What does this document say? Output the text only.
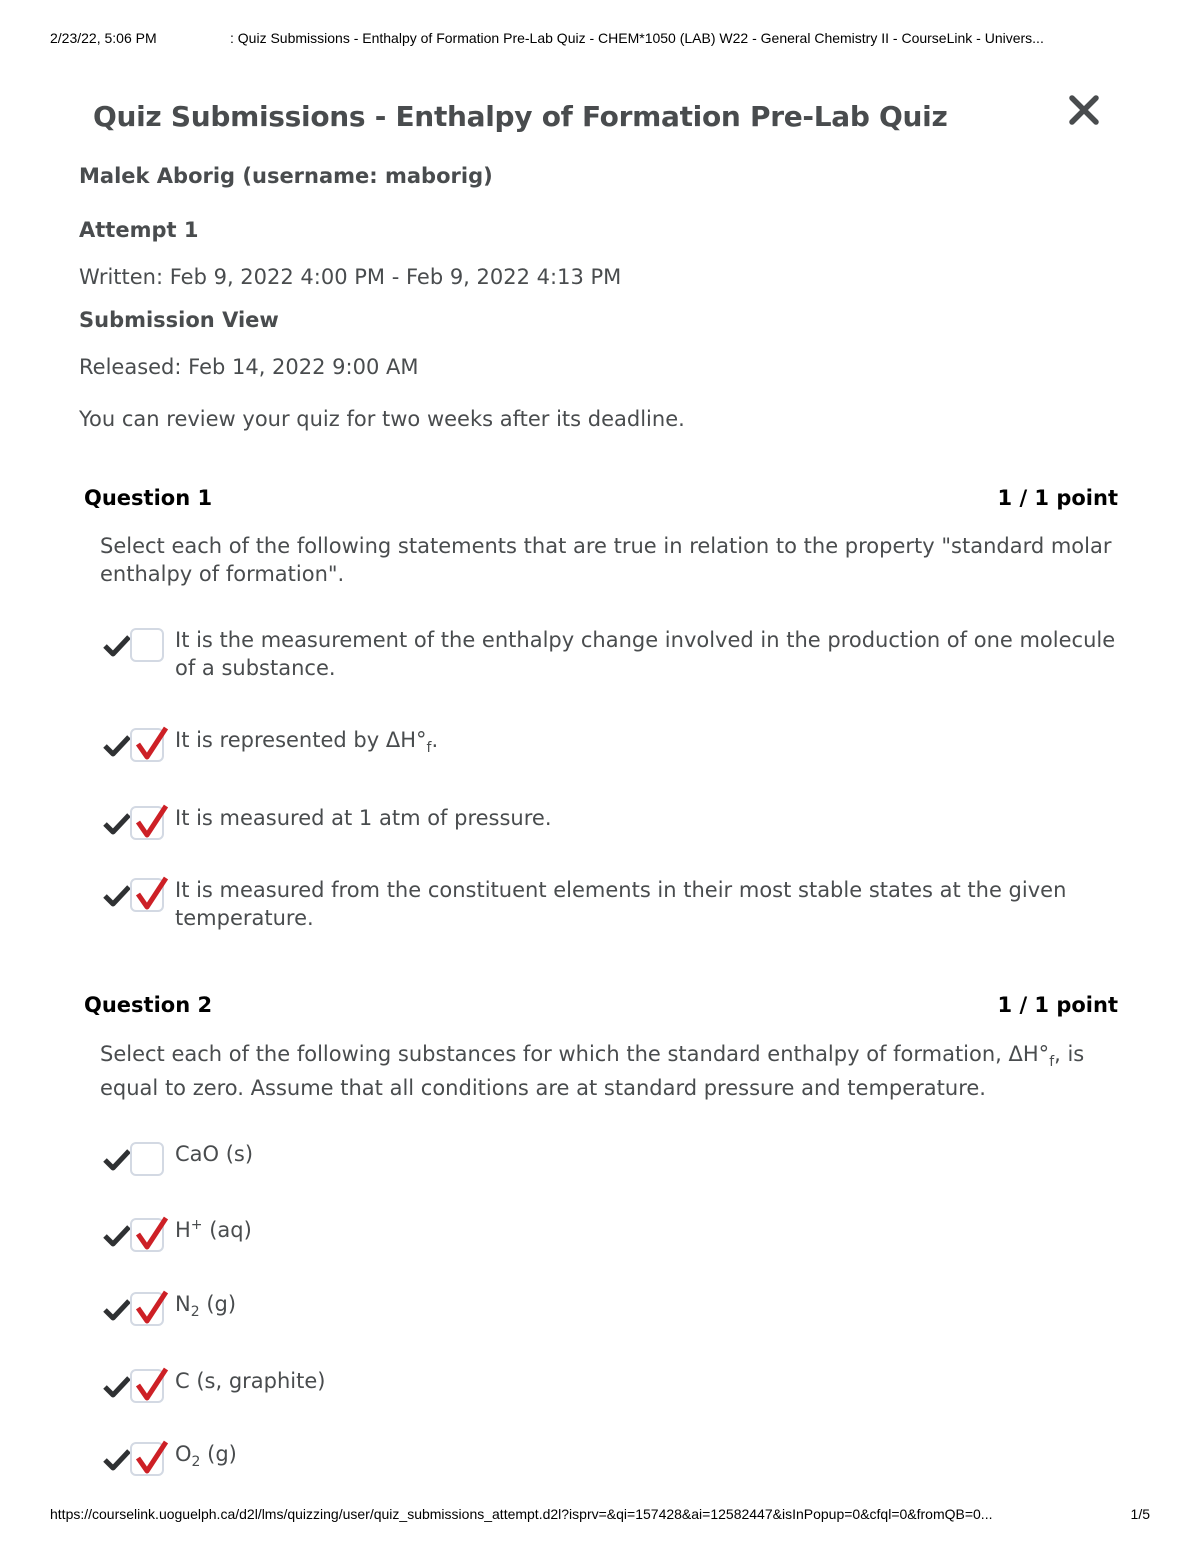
2/23/22, 5:06 PM	: Quiz Submissions - Enthalpy of Formation Pre-Lab Quiz - CHEM*1050 (LAB) W22 - General Chemistry II - CourseLink - Univers...
Quiz Submissions - Enthalpy of Formation Pre-Lab Quiz
Malek Aborig (username: maborig)
Attempt 1
Written: Feb 9, 2022 4:00 PM - Feb 9, 2022 4:13 PM
Submission View
Released: Feb 14, 2022 9:00 AM
You can review your quiz for two weeks after its deadline.
Question 1	1 / 1 point
Select each of the following statements that are true in relation to the property "standard molar enthalpy of formation".
It is the measurement of the enthalpy change involved in the production of one molecule of a substance.
It is represented by $\Delta H^\circ_f$.
It is measured at 1 atm of pressure.
It is measured from the constituent elements in their most stable states at the given temperature.
Question 2	1 / 1 point
Select each of the following substances for which the standard enthalpy of formation, $\Delta H^\circ_f$, is equal to zero. Assume that all conditions are at standard pressure and temperature.
CaO (s)
H+ (aq)
$N_2$ (g)
C (s, graphite)
$O_2$ (g)
https://courselink.uoguelph.ca/d2l/lms/quizzing/user/quiz_submissions_attempt.d2l?isprv=&qi=157428&ai=12582447&isInPopup=0&cfql=0&fromQB=0...	1/5
